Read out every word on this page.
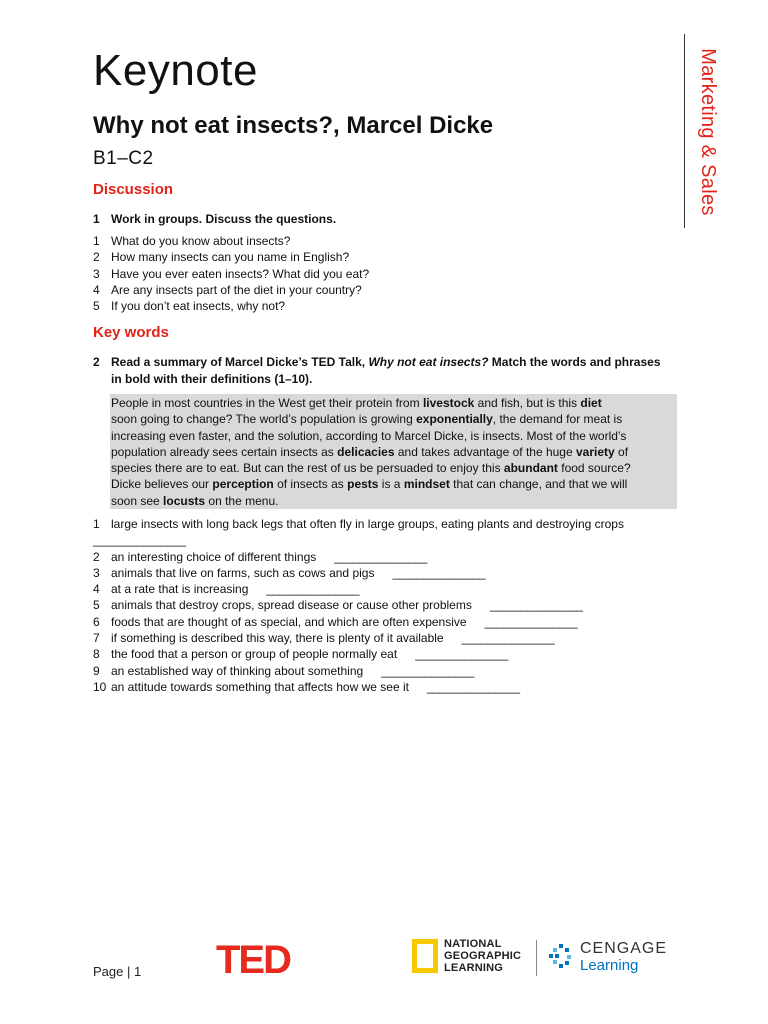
Keynote
Why not eat insects?, Marcel Dicke
B1–C2	Marketing & Sales
Discussion
1 Work in groups. Discuss the questions.
1 What do you know about insects?
2 How many insects can you name in English?
3 Have you ever eaten insects? What did you eat?
4 Are any insects part of the diet in your country?
5 If you don’t eat insects, why not?
Key words
2 Read a summary of Marcel Dicke’s TED Talk, Why not eat insects? Match the words and phrases
in bold with their definitions (1–10).
People in most countries in the West get their protein from livestock and fish, but is this diet
soon going to change? The world’s population is growing exponentially, the demand for meat is
increasing even faster, and the solution, according to Marcel Dicke, is insects. Most of the world’s
population already sees certain insects as delicacies and takes advantage of the huge variety of
species there are to eat. But can the rest of us be persuaded to enjoy this abundant food source?
Dicke believes our perception of insects as pests is a mindset that can change, and that we will
soon see locusts on the menu.
1 large insects with long back legs that often fly in large groups, eating plants and destroying crops
_______________
2 an interesting choice of different things _______________
3 animals that live on farms, such as cows and pigs _______________
4 at a rate that is increasing _______________
5 animals that destroy crops, spread disease or cause other problems _______________
6 foods that are thought of as special, and which are often expensive _______________
7 if something is described this way, there is plenty of it available _______________
8 the food that a person or group of people normally eat _______________
9 an established way of thinking about something _______________
10 an attitude towards something that affects how we see it _______________
Page | 1 TED	NATIONAL
GEOGRAPHIC
LEARNING
CENGAGE
Learning
